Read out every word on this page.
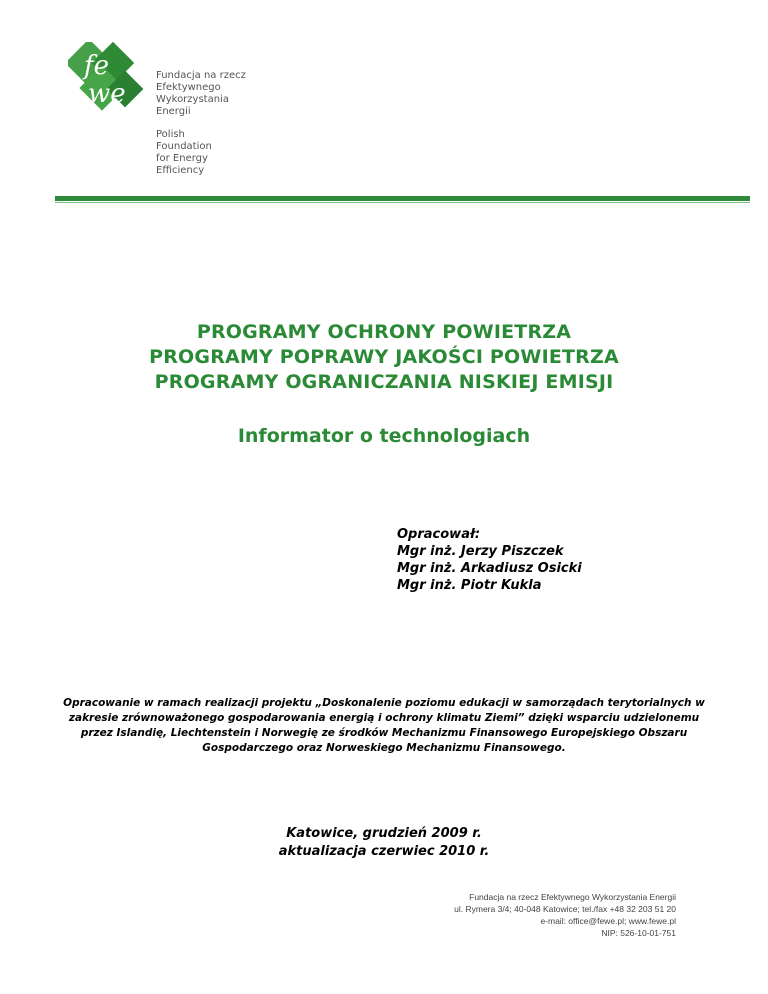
fe
we
Fundacja na rzecz
Efektywnego
Wykorzystania
Energii
Polish
Foundation
for Energy
Efficiency
PROGRAMY OCHRONY POWIETRZA
PROGRAMY POPRAWY JAKOŚCI POWIETRZA
PROGRAMY OGRANICZANIA NISKIEJ EMISJI
Informator o technologiach
Opracował:
Mgr inż. Jerzy Piszczek
Mgr inż. Arkadiusz Osicki
Mgr inż. Piotr Kukla
Opracowanie w ramach realizacji projektu „Doskonalenie poziomu edukacji w samorządach terytorialnych w zakresie zrównoważonego gospodarowania energią i ochrony klimatu Ziemi” dzięki wsparciu udzielonemu przez Islandię, Liechtenstein i Norwegię ze środków Mechanizmu Finansowego Europejskiego Obszaru Gospodarczego oraz Norweskiego Mechanizmu Finansowego.
Katowice, grudzień 2009 r.
aktualizacja czerwiec 2010 r.
Fundacja na rzecz Efektywnego Wykorzystania Energii
ul. Rymera 3/4; 40-048 Katowice; tel./fax +48 32 203 51 20
e-mail: office@fewe.pl; www.fewe.pl
NIP: 526-10-01-751
